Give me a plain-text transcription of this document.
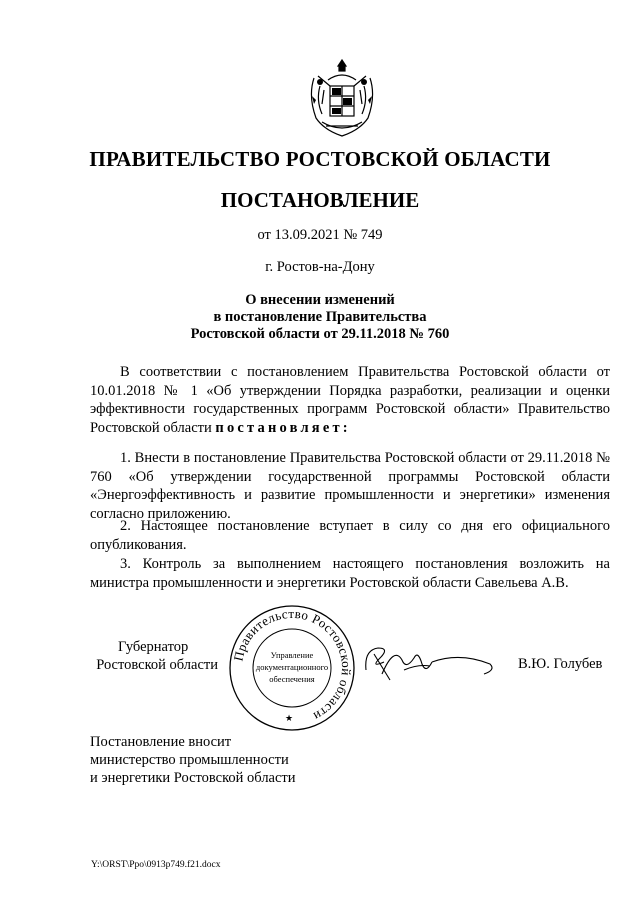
ПРАВИТЕЛЬСТВО РОСТОВСКОЙ ОБЛАСТИ
ПОСТАНОВЛЕНИЕ
от 13.09.2021 № 749
г. Ростов-на-Дону
О внесении изменений
в постановление Правительства
Ростовской области от 29.11.2018 № 760

В соответствии с постановлением Правительства Ростовской области от 10.01.2018 № 1 «Об утверждении Порядка разработки, реализации и оценки эффективности государственных программ Ростовской области» Правительство Ростовской области постановляет:

1. Внести в постановление Правительства Ростовской области от 29.11.2018 № 760 «Об утверждении государственной программы Ростовской области «Энергоэффективность и развитие промышленности и энергетики» изменения согласно приложению.

2. Настоящее постановление вступает в силу со дня его официального опубликования.

3. Контроль за выполнением настоящего постановления возложить на министра промышленности и энергетики Ростовской области Савельева А.В.

Губернатор
Ростовской области
Правительство Ростовской области
Управление
документационного
обеспечения
★
В.Ю. Голубев
Постановление вносит
министерство промышленности
и энергетики Ростовской области
Y:\ORST\Ppo\0913p749.f21.docx
